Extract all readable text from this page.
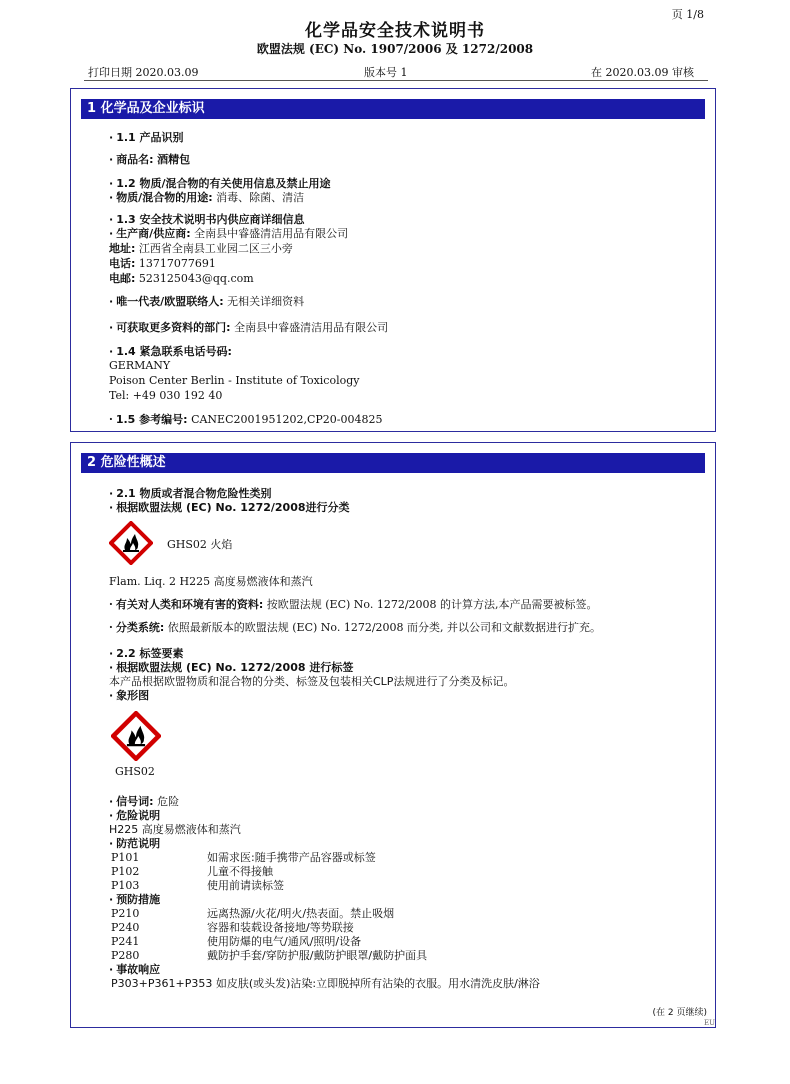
页 1/8
化学品安全技术说明书
欧盟法规 (EC) No. 1907/2006 及 1272/2008
打印日期 2020.03.09	版本号 1	在 2020.03.09 审核
1 化学品及企业标识
· 1.1 产品识别
· 商品名: 酒精包
· 1.2 物质/混合物的有关使用信息及禁止用途
· 物质/混合物的用途: 消毒、除菌、清洁
· 1.3 安全技术说明书内供应商详细信息
· 生产商/供应商: 全南县中睿盛清洁用品有限公司
地址: 江西省全南县工业园二区三小旁
电话: 13717077691
电邮: 523125043@qq.com
· 唯一代表/欧盟联络人: 无相关详细资料
· 可获取更多资料的部门: 全南县中睿盛清洁用品有限公司
· 1.4 紧急联系电话号码:
GERMANY
Poison Center Berlin - Institute of Toxicology
Tel: +49 030 192 40
· 1.5 参考编号: CANEC2001951202,CP20-004825
2 危险性概述
· 2.1 物质或者混合物危险性类别
· 根据欧盟法规 (EC) No. 1272/2008进行分类
GHS02 火焰
Flam. Liq. 2 H225 高度易燃液体和蒸汽
· 有关对人类和环境有害的资料: 按欧盟法规 (EC) No. 1272/2008 的计算方法,本产品需要被标签。
· 分类系统: 依照最新版本的欧盟法规 (EC) No. 1272/2008 而分类, 并以公司和文献数据进行扩充。
· 2.2 标签要素
· 根据欧盟法规 (EC) No. 1272/2008 进行标签
本产品根据欧盟物质和混合物的分类、标签及包装相关CLP法规进行了分类及标记。
· 象形图
GHS02
· 信号词: 危险
· 危险说明
H225 高度易燃液体和蒸汽
· 防范说明
P101	如需求医:随手携带产品容器或标签
P102	儿童不得接触
P103	使用前请读标签
· 预防措施
P210	远离热源/火花/明火/热表面。禁止吸烟
P240	容器和装载设备接地/等势联接
P241	使用防爆的电气/通风/照明/设备
P280	戴防护手套/穿防护服/戴防护眼罩/戴防护面具
· 事故响应
P303+P361+P353 如皮肤(或头发)沾染:立即脱掉所有沾染的衣服。用水清洗皮肤/淋浴
(在 2 页继续)
EU
